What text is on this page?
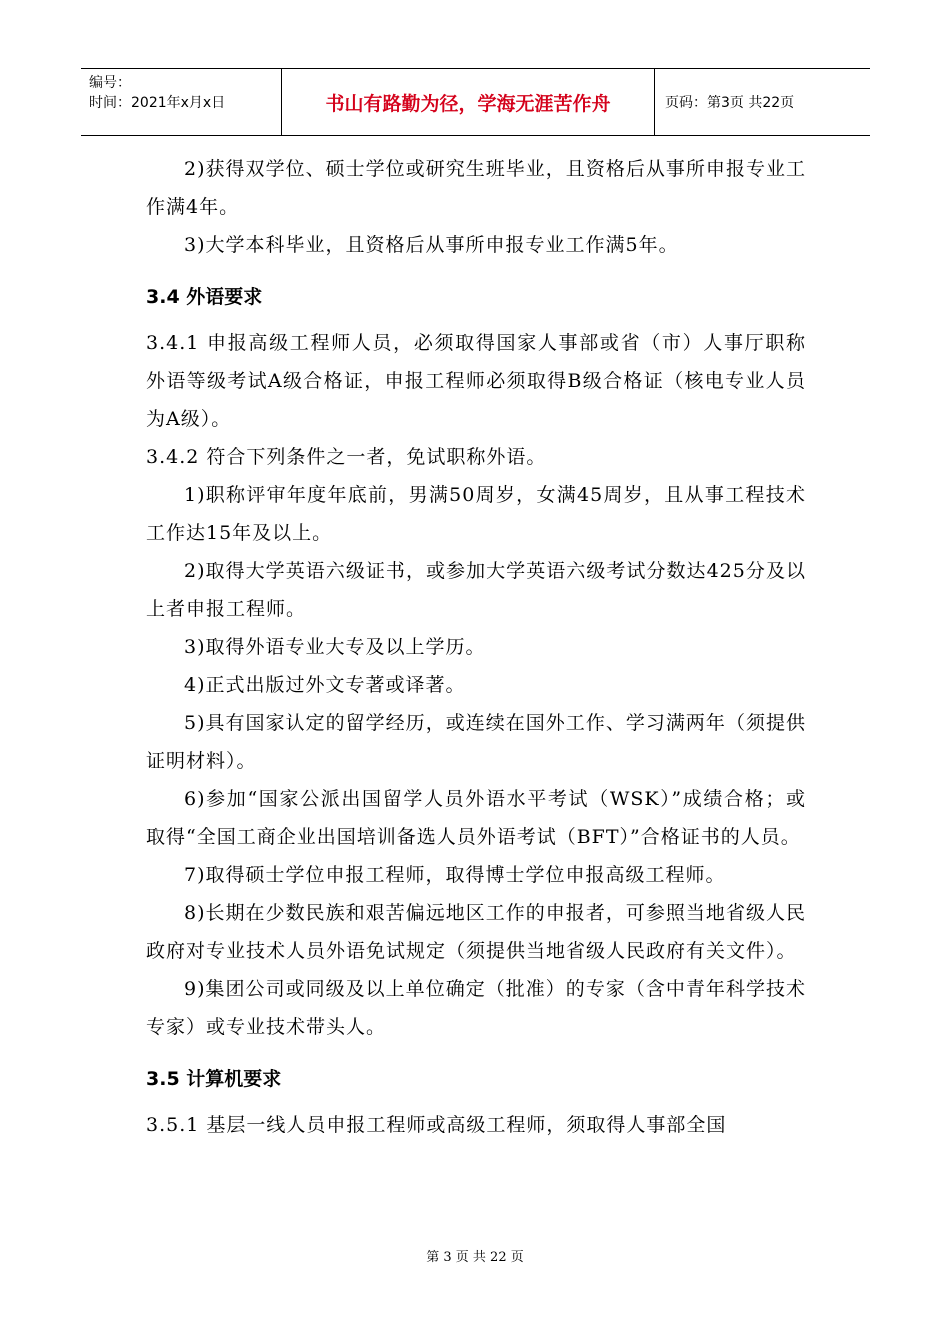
编号：
时间：2021年x月x日	书山有路勤为径，学海无涯苦作舟	页码：第3页 共22页
2)获得双学位、硕士学位或研究生班毕业，且资格后从事所申报专业工作满4年。
3)大学本科毕业，且资格后从事所申报专业工作满5年。
3.4 外语要求
3.4.1 申报高级工程师人员，必须取得国家人事部或省（市）人事厅职称外语等级考试A级合格证，申报工程师必须取得B级合格证（核电专业人员为A级）。
3.4.2 符合下列条件之一者，免试职称外语。
1)职称评审年度年底前，男满50周岁，女满45周岁，且从事工程技术工作达15年及以上。
2)取得大学英语六级证书，或参加大学英语六级考试分数达425分及以上者申报工程师。
3)取得外语专业大专及以上学历。
4)正式出版过外文专著或译著。
5)具有国家认定的留学经历，或连续在国外工作、学习满两年（须提供证明材料）。
6)参加“国家公派出国留学人员外语水平考试（WSK）”成绩合格；或取得“全国工商企业出国培训备选人员外语考试（BFT）”合格证书的人员。
7)取得硕士学位申报工程师，取得博士学位申报高级工程师。
8)长期在少数民族和艰苦偏远地区工作的申报者，可参照当地省级人民政府对专业技术人员外语免试规定（须提供当地省级人民政府有关文件）。
9)集团公司或同级及以上单位确定（批准）的专家（含中青年科学技术专家）或专业技术带头人。
3.5 计算机要求
3.5.1 基层一线人员申报工程师或高级工程师，须取得人事部全国
第 3 页 共 22 页
